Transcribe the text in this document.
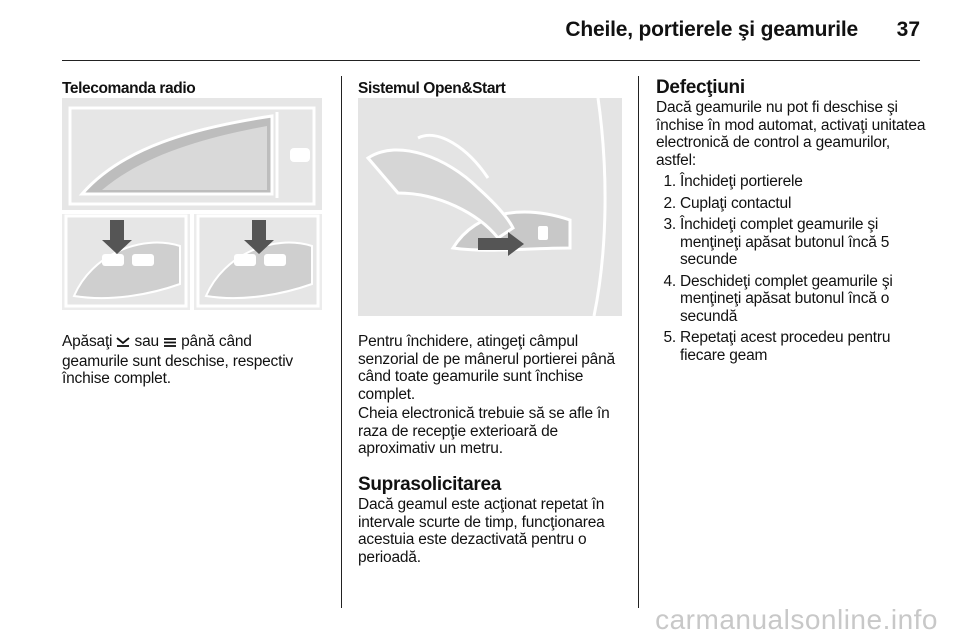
Cheile, portierele şi geamurile 37
Telecomanda radio
Apăsaţi  sau  până când
geamurile sunt deschise, respectiv închise complet.
Sistemul Open&Start
Pentru închidere, atingeţi câmpul senzorial de pe mânerul portierei până când toate geamurile sunt închise complet.
Cheia electronică trebuie să se afle în raza de recepţie exterioară de aproximativ un metru.
Suprasolicitarea
Dacă geamul este acţionat repetat în intervale scurte de timp, funcţionarea acestuia este dezactivată pentru o perioadă.
Defecţiuni
Dacă geamurile nu pot fi deschise şi închise în mod automat, activaţi unitatea electronică de control a geamurilor, astfel:
1. Închideţi portierele
2. Cuplaţi contactul
3. Închideţi complet geamurile şi menţineţi apăsat butonul încă 5 secunde
4. Deschideţi complet geamurile şi menţineţi apăsat butonul încă o secundă
5. Repetaţi acest procedeu pentru fiecare geam
carmanualsonline.info
